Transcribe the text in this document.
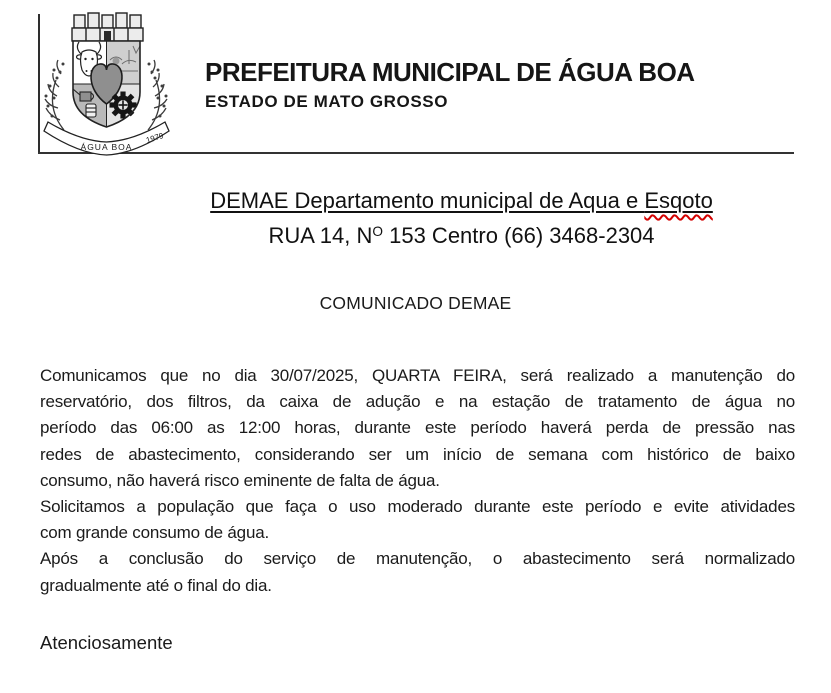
ÁGUA BOA
1979
PREFEITURA MUNICIPAL DE ÁGUA BOA
ESTADO DE MATO GROSSO
DEMAE Departamento municipal de Aqua e Esqoto
RUA 14, $N^O$ 153 Centro (66) 3468-2304
COMUNICADO DEMAE
Comunicamos que no dia 30/07/2025, QUARTA FEIRA, será realizado a manutenção do
reservatório, dos filtros, da caixa de adução e na estação de tratamento de água no
período das 06:00 as 12:00 horas, durante este período haverá perda de pressão nas
redes de abastecimento, considerando ser um início de semana com histórico de baixo
consumo, não haverá risco eminente de falta de água.
Solicitamos a população que faça o uso moderado durante este período e evite atividades
com grande consumo de água.
Após a conclusão do serviço de manutenção, o abastecimento será normalizado
gradualmente até o final do dia.
Atenciosamente
